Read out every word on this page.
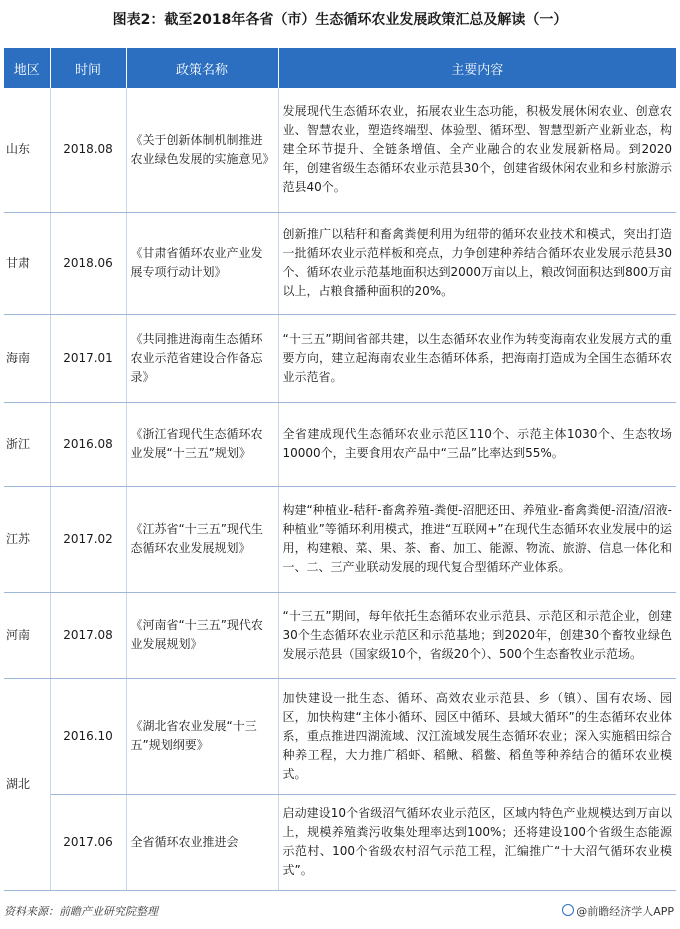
图表2：截至2018年各省（市）生态循环农业发展政策汇总及解读（一）
地区	时间	政策名称	主要内容
山东	2018.08	《关于创新体制机制推进农业绿色发展的实施意见》	发展现代生态循环农业，拓展农业生态功能，积极发展休闲农业、创意农业、智慧农业，塑造终端型、体验型、循环型、智慧型新产业新业态，构建全环节提升、全链条增值、全产业融合的农业发展新格局。到2020年，创建省级生态循环农业示范县30个，创建省级休闲农业和乡村旅游示范县40个。
甘肃	2018.06	《甘肃省循环农业产业发展专项行动计划》	创新推广以秸秆和畜禽粪便利用为纽带的循环农业技术和模式，突出打造一批循环农业示范样板和亮点，力争创建种养结合循环农业发展示范县30个、循环农业示范基地面积达到2000万亩以上，粮改饲面积达到800万亩以上，占粮食播种面积的20%。
海南	2017.01	《共同推进海南生态循环农业示范省建设合作备忘录》	“十三五”期间省部共建，以生态循环农业作为转变海南农业发展方式的重要方向，建立起海南农业生态循环体系，把海南打造成为全国生态循环农业示范省。
浙江	2016.08	《浙江省现代生态循环农业发展“十三五”规划》	全省建成现代生态循环农业示范区110个、示范主体1030个、生态牧场10000个，主要食用农产品中“三品”比率达到55%。
江苏	2017.02	《江苏省“十三五”现代生态循环农业发展规划》	构建“种植业-秸秆-畜禽养殖-粪便-沼肥还田、养殖业-畜禽粪便-沼渣/沼液-种植业”等循环利用模式，推进“互联网+”在现代生态循环农业发展中的运用，构建粮、菜、果、茶、畜、加工、能源、物流、旅游、信息一体化和一、二、三产业联动发展的现代复合型循环产业体系。
河南	2017.08	《河南省“十三五”现代农业发展规划》	“十三五”期间，每年依托生态循环农业示范县、示范区和示范企业，创建30个生态循环农业示范区和示范基地；到2020年，创建30个畜牧业绿色发展示范县（国家级10个，省级20个）、500个生态畜牧业示范场。
湖北	2016.10	《湖北省农业发展“十三五”规划纲要》	加快建设一批生态、循环、高效农业示范县、乡（镇）、国有农场、园区，加快构建“主体小循环、园区中循环、县域大循环”的生态循环农业体系，重点推进四湖流域、汉江流域发展生态循环农业；深入实施稻田综合种养工程，大力推广稻虾、稻鳅、稻鳖、稻鱼等种养结合的循环农业模式。
	2017.06	全省循环农业推进会	启动建设10个省级沼气循环农业示范区，区域内特色产业规模达到万亩以上，规模养殖粪污收集处理率达到100%；还将建设100个省级生态能源示范村、100个省级农村沼气示范工程，汇编推广“十大沼气循环农业模式”。
资料来源：前瞻产业研究院整理	@前瞻经济学人APP
